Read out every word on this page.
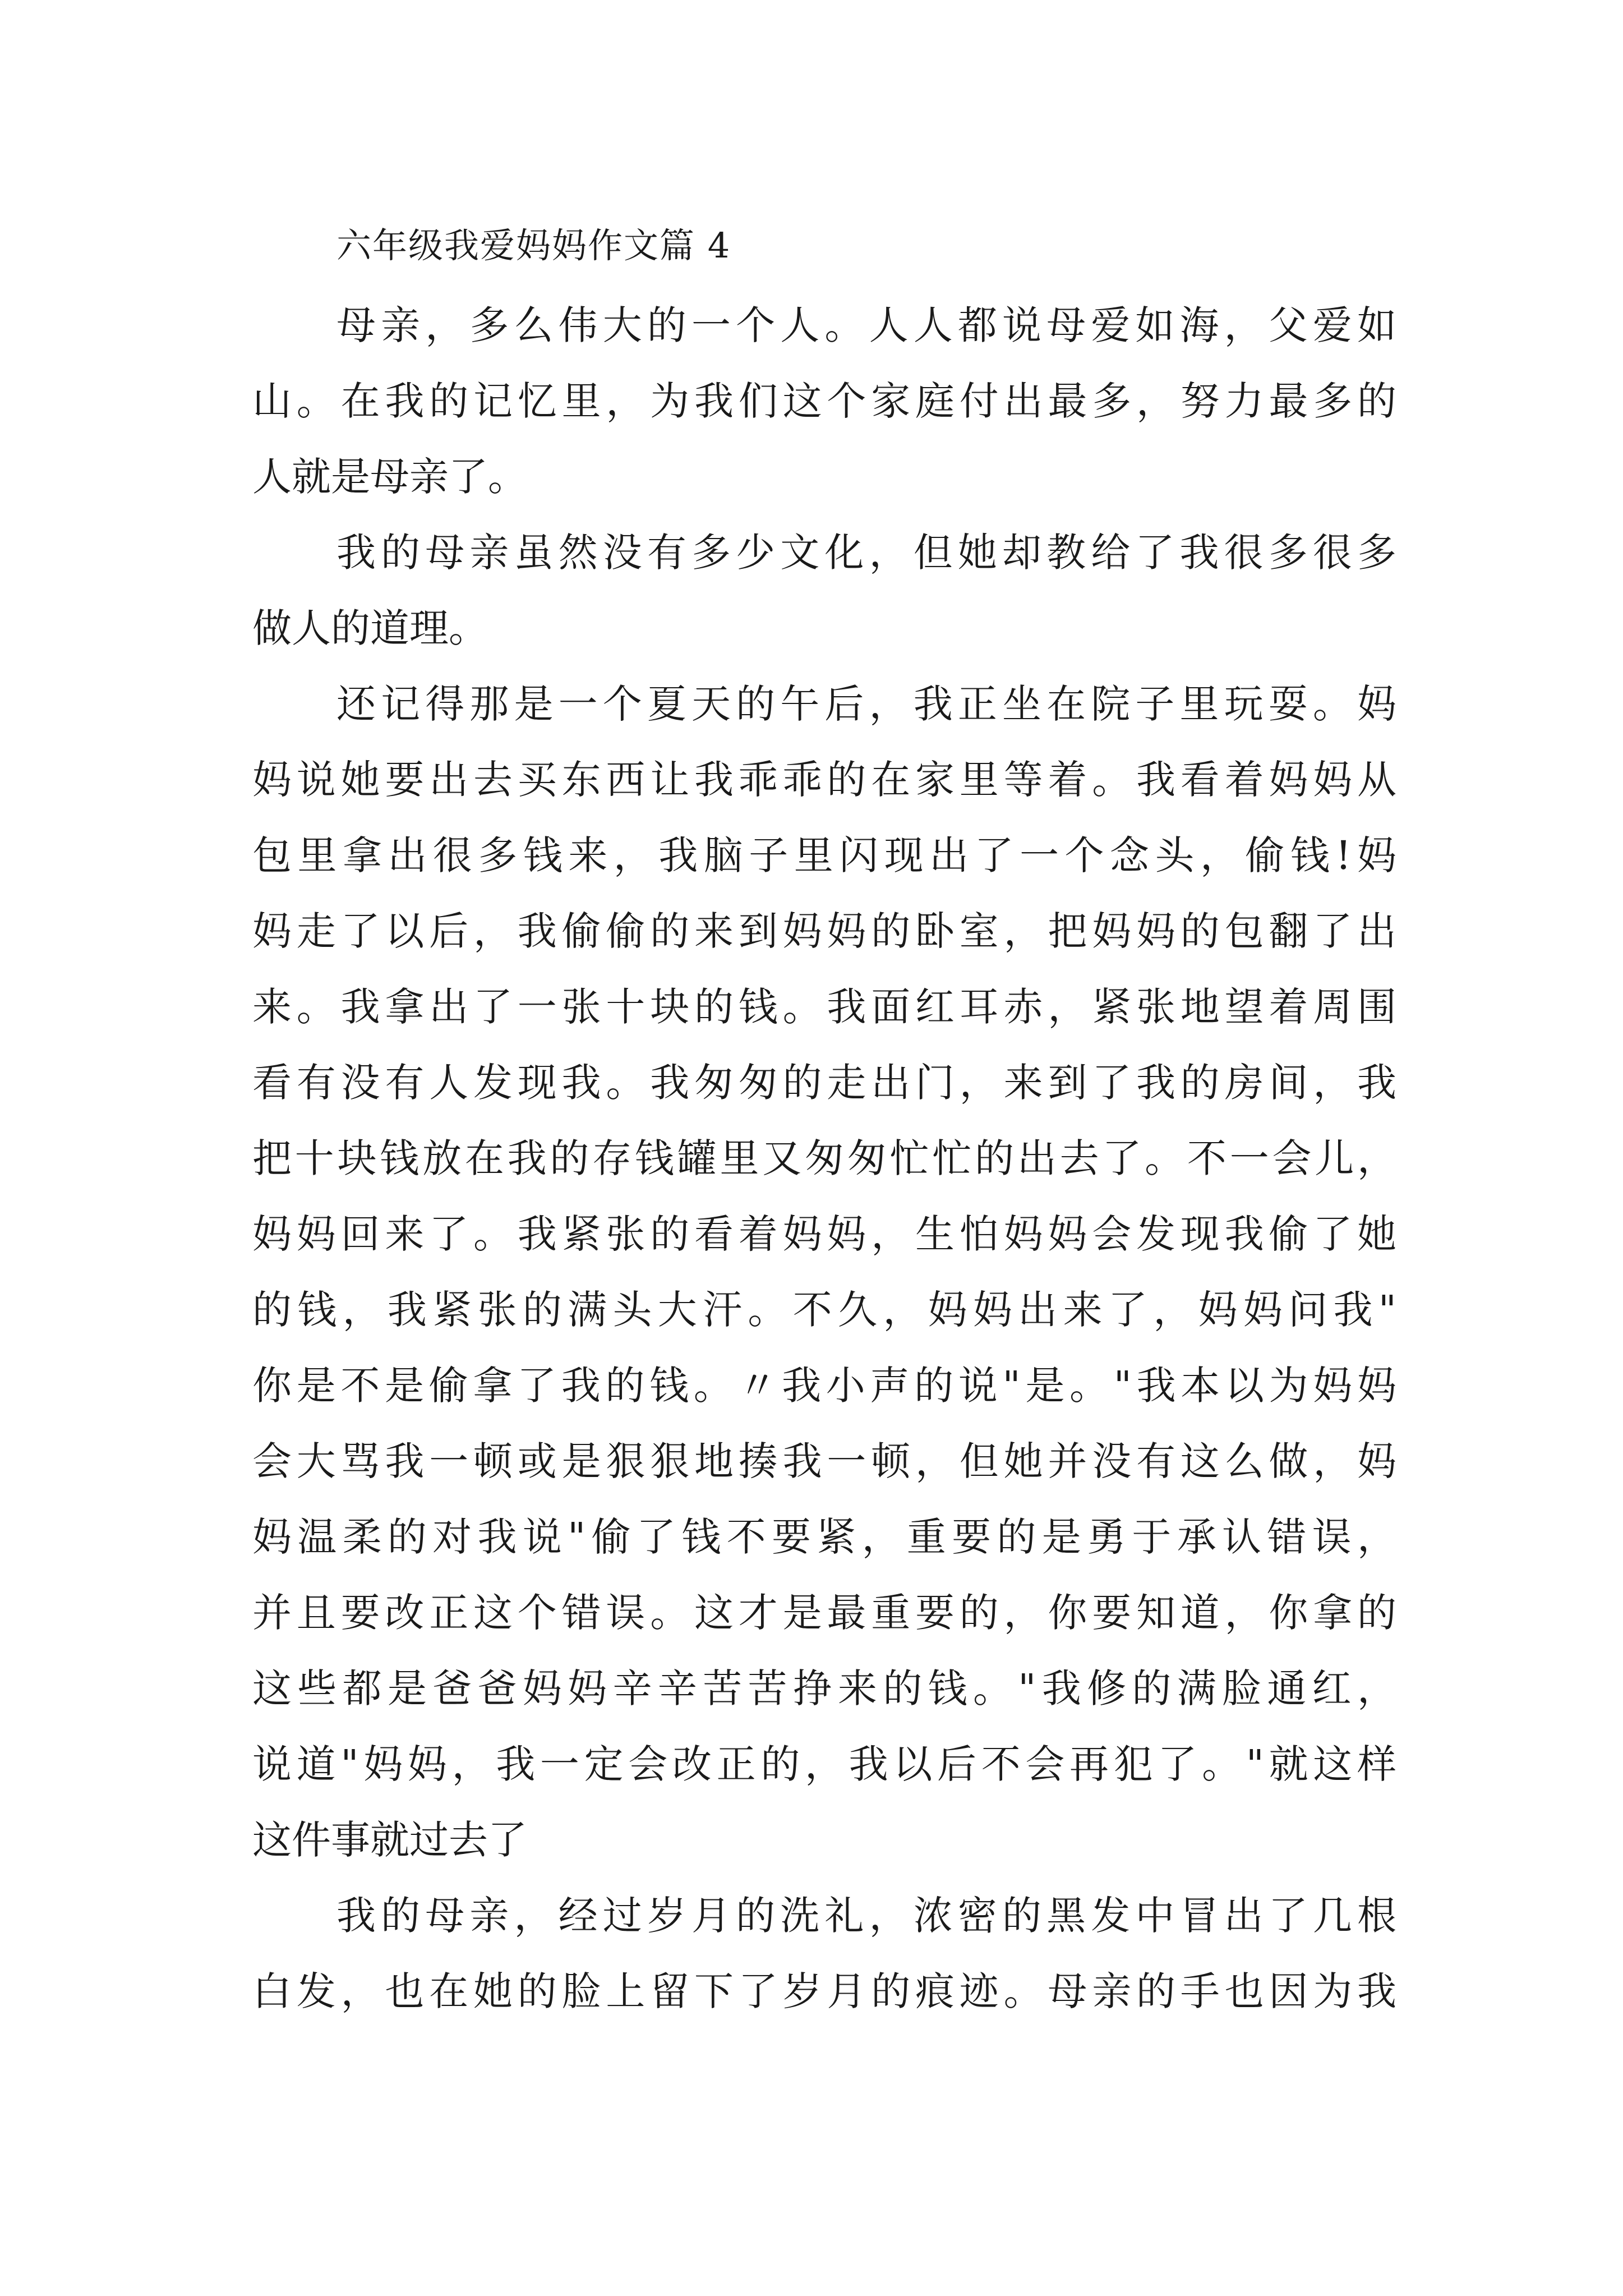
六年级我爱妈妈作文篇 4
母亲，多么伟大的一个人。人人都说母爱如海，父爱如
山。在我的记忆里，为我们这个家庭付出最多，努力最多的
人就是母亲了。
我的母亲虽然没有多少文化，但她却教给了我很多很多
做人的道理。
还记得那是一个夏天的午后，我正坐在院子里玩耍。妈
妈说她要出去买东西让我乖乖的在家里等着。我看着妈妈从
包里拿出很多钱来，我脑子里闪现出了一个念头，偷钱!妈
妈走了以后，我偷偷的来到妈妈的卧室，把妈妈的包翻了出
来。我拿出了一张十块的钱。我面红耳赤，紧张地望着周围
看有没有人发现我。我匆匆的走出门，来到了我的房间，我
把十块钱放在我的存钱罐里又匆匆忙忙的出去了。不一会儿，
妈妈回来了。我紧张的看着妈妈，生怕妈妈会发现我偷了她
的钱，我紧张的满头大汗。不久，妈妈出来了，妈妈问我"
你是不是偷拿了我的钱。〃我小声的说"是。"我本以为妈妈
会大骂我一顿或是狠狠地揍我一顿，但她并没有这么做，妈
妈温柔的对我说"偷了钱不要紧，重要的是勇于承认错误，
并且要改正这个错误。这才是最重要的，你要知道，你拿的
这些都是爸爸妈妈辛辛苦苦挣来的钱。"我修的满脸通红，
说道"妈妈，我一定会改正的，我以后不会再犯了。"就这样
这件事就过去了
我的母亲，经过岁月的洗礼，浓密的黑发中冒出了几根
白发，也在她的脸上留下了岁月的痕迹。母亲的手也因为我
